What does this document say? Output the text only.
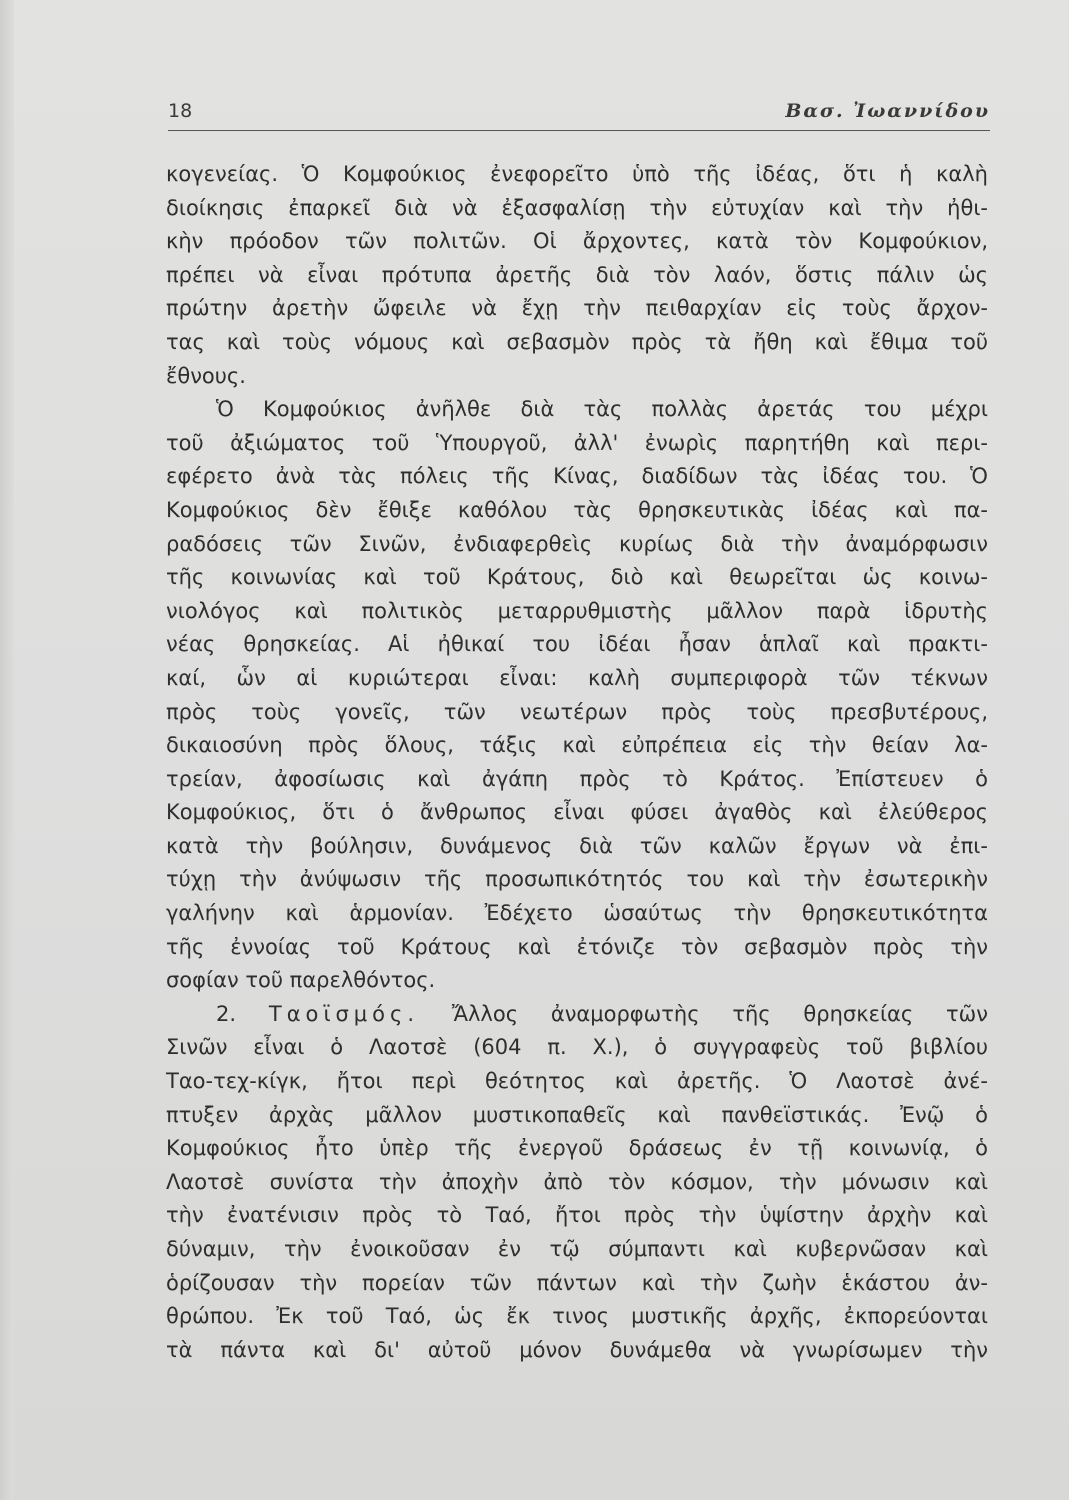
18	Βασ. Ἰωαννίδου
κογενείας. Ὁ Κομφούκιος ἐνεφορεῖτο ὑπὸ τῆς ἰδέας, ὅτι ἡ καλὴ
διοίκησις ἐπαρκεῖ διὰ νὰ ἐξασφαλίσῃ τὴν εὐτυχίαν καὶ τὴν ἠθι-
κὴν πρόοδον τῶν πολιτῶν. Οἱ ἄρχοντες, κατὰ τὸν Κομφούκιον,
πρέπει νὰ εἶναι πρότυπα ἀρετῆς διὰ τὸν λαόν, ὅστις πάλιν ὡς
πρώτην ἀρετὴν ὤφειλε νὰ ἔχῃ τὴν πειθαρχίαν εἰς τοὺς ἄρχον-
τας καὶ τοὺς νόμους καὶ σεβασμὸν πρὸς τὰ ἤθη καὶ ἔθιμα τοῦ
ἔθνους.
Ὁ Κομφούκιος ἀνῆλθε διὰ τὰς πολλὰς ἀρετάς του μέχρι
τοῦ ἀξιώματος τοῦ Ὑπουργοῦ, ἀλλ' ἐνωρὶς παρητήθη καὶ περι-
εφέρετο ἀνὰ τὰς πόλεις τῆς Κίνας, διαδίδων τὰς ἰδέας του. Ὁ
Κομφούκιος δὲν ἔθιξε καθόλου τὰς θρησκευτικὰς ἰδέας καὶ πα-
ραδόσεις τῶν Σινῶν, ἐνδιαφερθεὶς κυρίως διὰ τὴν ἀναμόρφωσιν
τῆς κοινωνίας καὶ τοῦ Κράτους, διὸ καὶ θεωρεῖται ὡς κοινω-
νιολόγος καὶ πολιτικὸς μεταρρυθμιστὴς μᾶλλον παρὰ ἱδρυτὴς
νέας θρησκείας. Αἱ ἠθικαί του ἰδέαι ἦσαν ἁπλαῖ καὶ πρακτι-
καί, ὧν αἱ κυριώτεραι εἶναι: καλὴ συμπεριφορὰ τῶν τέκνων
πρὸς τοὺς γονεῖς, τῶν νεωτέρων πρὸς τοὺς πρεσβυτέρους,
δικαιοσύνη πρὸς ὅλους, τάξις καὶ εὐπρέπεια εἰς τὴν θείαν λα-
τρείαν, ἀφοσίωσις καὶ ἀγάπη πρὸς τὸ Κράτος. Ἐπίστευεν ὁ
Κομφούκιος, ὅτι ὁ ἄνθρωπος εἶναι φύσει ἀγαθὸς καὶ ἐλεύθερος
κατὰ τὴν βούλησιν, δυνάμενος διὰ τῶν καλῶν ἔργων νὰ ἐπι-
τύχῃ τὴν ἀνύψωσιν τῆς προσωπικότητός του καὶ τὴν ἐσωτερικὴν
γαλήνην καὶ ἁρμονίαν. Ἐδέχετο ὡσαύτως τὴν θρησκευτικότητα
τῆς ἐννοίας τοῦ Κράτους καὶ ἐτόνιζε τὸν σεβασμὸν πρὸς τὴν
σοφίαν τοῦ παρελθόντος.
2. Ταοϊσμός. Ἄλλος ἀναμορφωτὴς τῆς θρησκείας τῶν
Σινῶν εἶναι ὁ Λαοτσὲ (604 π. Χ.), ὁ συγγραφεὺς τοῦ βιβλίου
Ταο-τεχ-κίγκ, ἤτοι περὶ θεότητος καὶ ἀρετῆς. Ὁ Λαοτσὲ ἀνέ-
πτυξεν ἀρχὰς μᾶλλον μυστικοπαθεῖς καὶ πανθεϊστικάς. Ἐνῷ ὁ
Κομφούκιος ἦτο ὑπὲρ τῆς ἐνεργοῦ δράσεως ἐν τῇ κοινωνίᾳ, ὁ
Λαοτσὲ συνίστα τὴν ἀποχὴν ἀπὸ τὸν κόσμον, τὴν μόνωσιν καὶ
τὴν ἐνατένισιν πρὸς τὸ Ταό, ἤτοι πρὸς τὴν ὑψίστην ἀρχὴν καὶ
δύναμιν, τὴν ἐνοικοῦσαν ἐν τῷ σύμπαντι καὶ κυβερνῶσαν καὶ
ὁρίζουσαν τὴν πορείαν τῶν πάντων καὶ τὴν ζωὴν ἑκάστου ἀν-
θρώπου. Ἐκ τοῦ Ταό, ὡς ἔκ τινος μυστικῆς ἀρχῆς, ἐκπορεύονται
τὰ πάντα καὶ δι' αὐτοῦ μόνον δυνάμεθα νὰ γνωρίσωμεν τὴν
